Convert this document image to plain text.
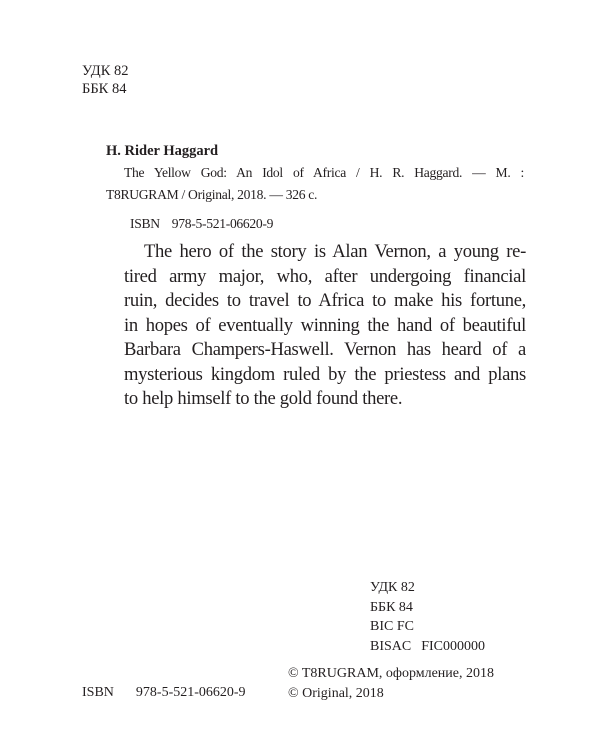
УДК 82
ББК 84
H. Rider Haggard
The Yellow God: An Idol of Africa / H. R. Haggard. — M. :
T8RUGRAM / Original, 2018. — 326 c.
ISBN 978-5-521-06620-9
The hero of the story is Alan Vernon, a young re-
tired army major, who, after undergoing financial
ruin, decides to travel to Africa to make his fortune,
in hopes of eventually winning the hand of beautiful
Barbara Champers-Haswell. Vernon has heard of a
mysterious kingdom ruled by the priestess and plans
to help himself to the gold found there.
УДК 82
ББК 84
BIC FC
BISAC FIC000000
© T8RUGRAM, оформление, 2018
© Original, 2018
ISBN 978-5-521-06620-9
